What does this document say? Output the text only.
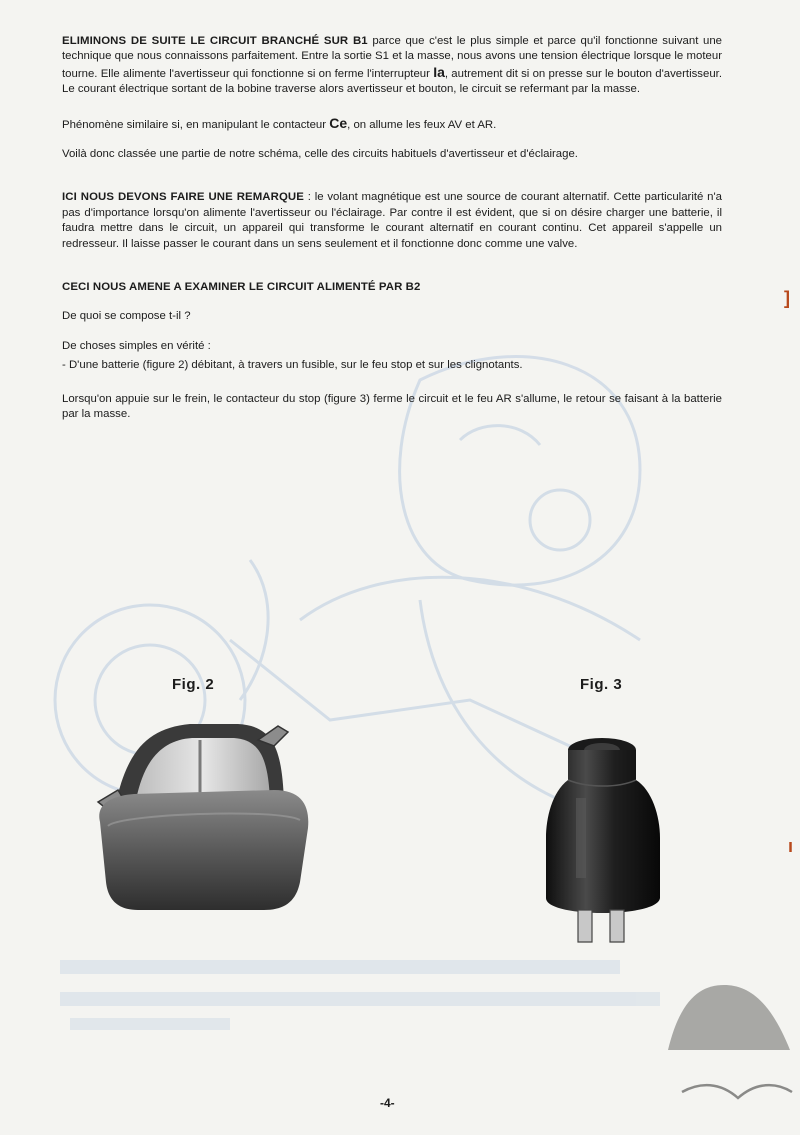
ELIMINONS DE SUITE LE CIRCUIT BRANCHÉ SUR B1 parce que c'est le plus simple et parce qu'il fonctionne suivant une technique que nous connaissons parfaitement. Entre la sortie S1 et la masse, nous avons une tension électrique lorsque le moteur tourne. Elle alimente l'avertisseur qui fonctionne si on ferme l'interrupteur Ia, autrement dit si on presse sur le bouton d'avertisseur. Le courant électrique sortant de la bobine traverse alors avertisseur et bouton, le circuit se refermant par la masse.

Phénomène similaire si, en manipulant le contacteur Ce, on allume les feux AV et AR.

Voilà donc classée une partie de notre schéma, celle des circuits habituels d'avertisseur et d'éclairage.

ICI NOUS DEVONS FAIRE UNE REMARQUE : le volant magnétique est une source de courant alternatif. Cette particularité n'a pas d'importance lorsqu'on alimente l'avertisseur ou l'éclairage. Par contre il est évident, que si on désire charger une batterie, il faudra mettre dans le circuit, un appareil qui transforme le courant alternatif en courant continu. Cet appareil s'appelle un redresseur. Il laisse passer le courant dans un sens seulement et il fonctionne donc comme une valve.

CECI NOUS AMENE A EXAMINER LE CIRCUIT ALIMENTÉ PAR B2

De quoi se compose t-il ?

De choses simples en vérité :

- D'une batterie (figure 2) débitant, à travers un fusible, sur le feu stop et sur les clignotants.

Lorsqu'on appuie sur le frein, le contacteur du stop (figure 3) ferme le circuit et le feu AR s'allume, le retour se faisant à la batterie par la masse.

Fig. 2	Fig. 3
]
ı
-4-
